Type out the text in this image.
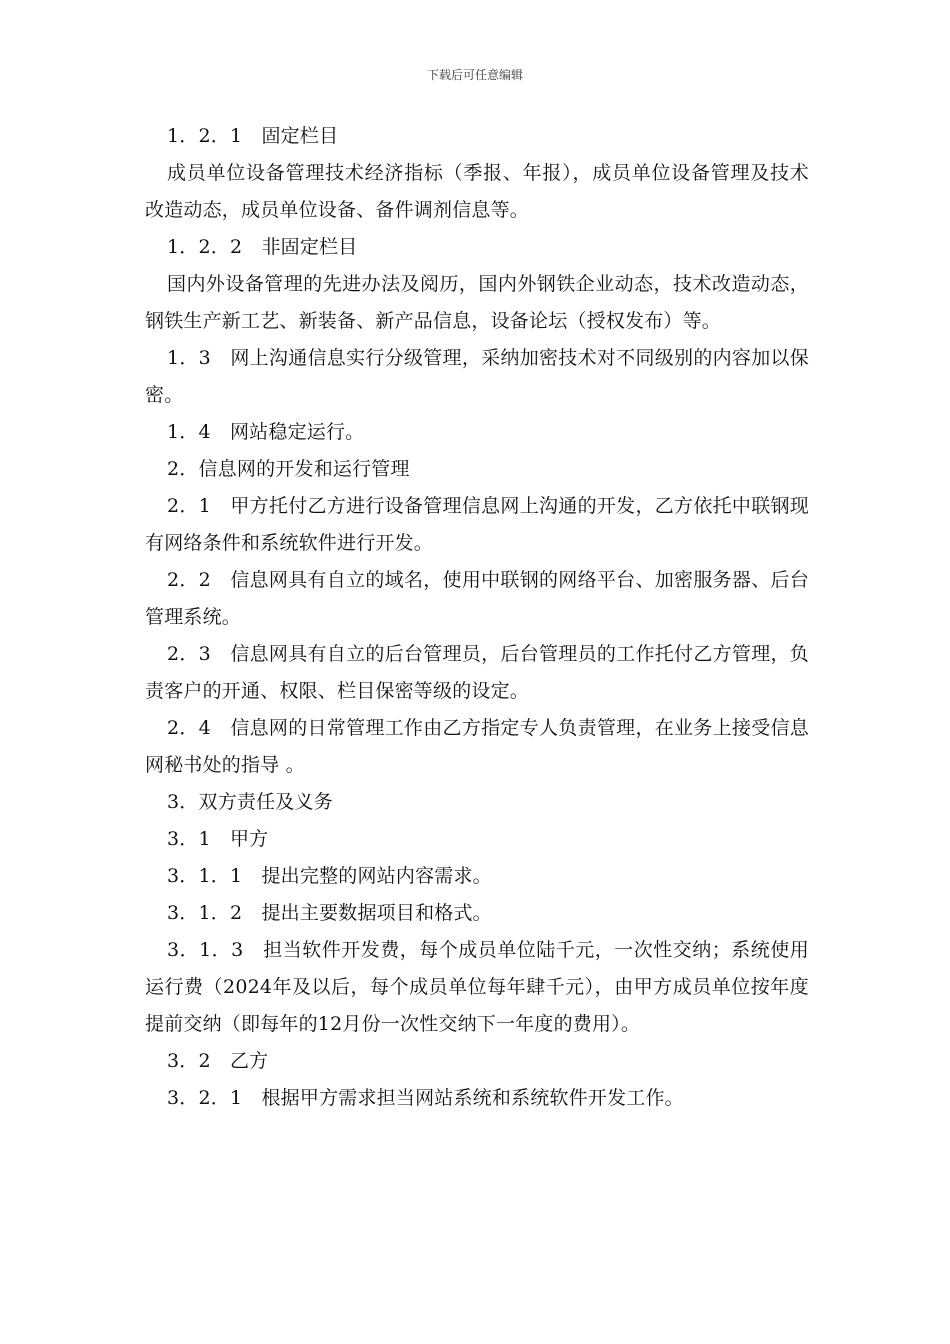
下载后可任意编辑

1．2．1　固定栏目

成员单位设备管理技术经济指标（季报、年报），成员单位设备管理及技术改造动态，成员单位设备、备件调剂信息等。

1．2．2　非固定栏目

国内外设备管理的先进办法及阅历，国内外钢铁企业动态，技术改造动态，钢铁生产新工艺、新装备、新产品信息，设备论坛（授权发布）等。

1．3　网上沟通信息实行分级管理，采纳加密技术对不同级别的内容加以保密。

1．4　网站稳定运行。

2．信息网的开发和运行管理

2．1　甲方托付乙方进行设备管理信息网上沟通的开发，乙方依托中联钢现有网络条件和系统软件进行开发。

2．2　信息网具有自立的域名，使用中联钢的网络平台、加密服务器、后台管理系统。

2．3　信息网具有自立的后台管理员，后台管理员的工作托付乙方管理，负责客户的开通、权限、栏目保密等级的设定。

2．4　信息网的日常管理工作由乙方指定专人负责管理，在业务上接受信息网秘书处的指导 。

3．双方责任及义务

3．1　甲方

3．1．1　提出完整的网站内容需求。

3．1．2　提出主要数据项目和格式。

3．1．3　担当软件开发费，每个成员单位陆千元，一次性交纳；系统使用运行费（2024年及以后，每个成员单位每年肆千元），由甲方成员单位按年度提前交纳（即每年的12月份一次性交纳下一年度的费用）。

3．2　乙方

3．2．1　根据甲方需求担当网站系统和系统软件开发工作。
